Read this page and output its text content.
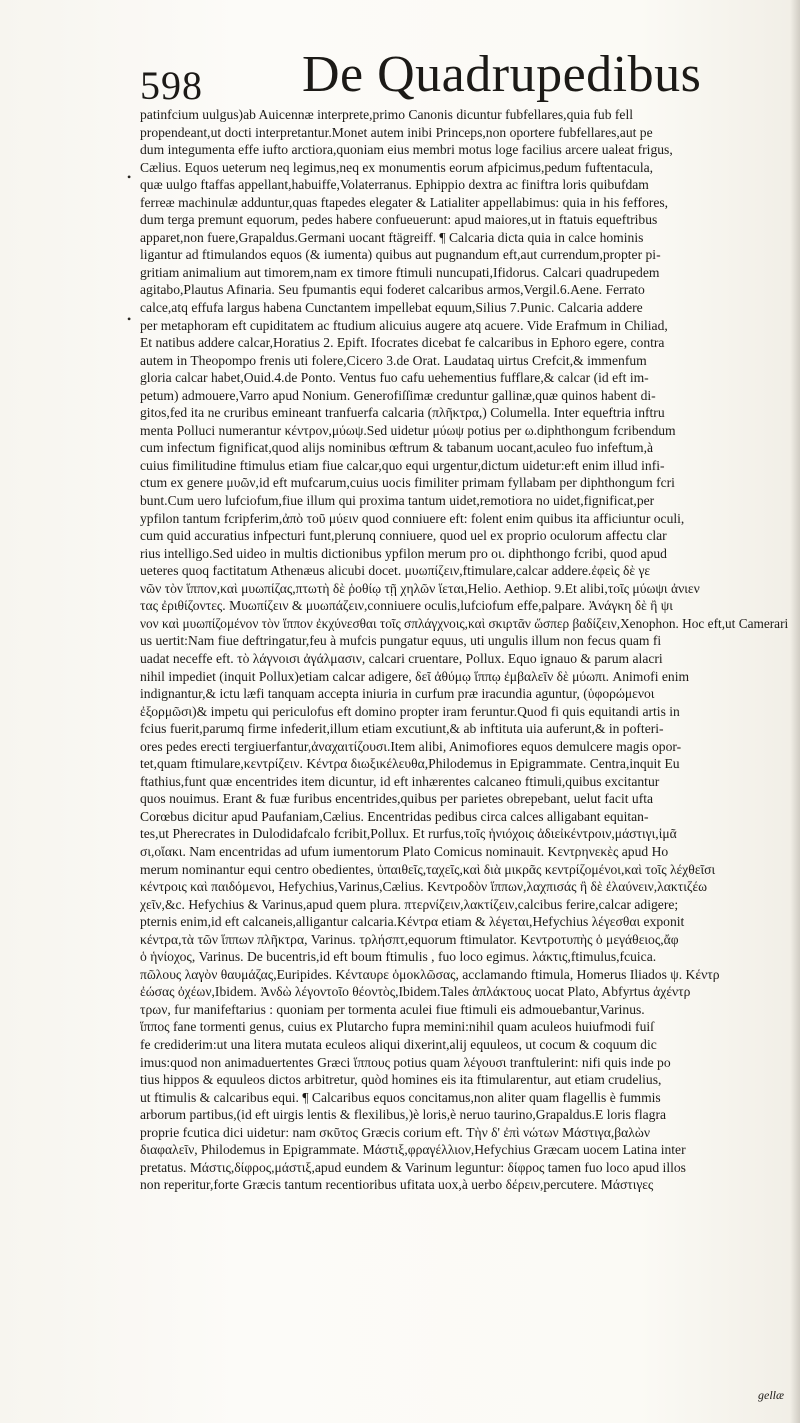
598 De Quadrupedibus
•
•
patinfcium uulgus)ab Auicennæ interprete,primo Canonis dicuntur fubfellares,quia fub fell
propendeant,ut docti interpretantur.Monet autem inibi Princeps,non oportere fubfellares,aut pe
dum integumenta effe iufto arctiora,quoniam eius membri motus loge facilius arcere ualeat frigus,
Cælius. Equos ueterum neq legimus,neq ex monumentis eorum afpicimus,pedum fuftentacula,
quæ uulgo ftaffas appellant,habuiffe,Volaterranus. Ephippio dextra ac finiftra loris quibufdam
ferreæ machinulæ adduntur,quas ftapedes elegater & Latialiter appellabimus: quia in his feffores,
dum terga premunt equorum, pedes habere confueuerunt: apud maiores,ut in ftatuis equeftribus
apparet,non fuere,Grapaldus.Germani uocant ftägreiff. ¶ Calcaria dicta quia in calce hominis
ligantur ad ftimulandos equos (& iumenta) quibus aut pugnandum eft,aut currendum,propter pi-
gritiam animalium aut timorem,nam ex timore ftimuli nuncupati,Ifidorus. Calcari quadrupedem
agitabo,Plautus Afinaria. Seu fpumantis equi foderet calcaribus armos,Vergil.6.Aene. Ferrato
calce,atq effufa largus habena Cunctantem impellebat equum,Silius 7.Punic. Calcaria addere
per metaphoram eft cupiditatem ac ftudium alicuius augere atq acuere. Vide Erafmum in Chiliad,
Et natibus addere calcar,Horatius 2. Epift. Ifocrates dicebat fe calcaribus in Ephoro egere, contra
autem in Theopompo frenis uti folere,Cicero 3.de Orat. Laudataq uirtus Crefcit,& immenfum
gloria calcar habet,Ouid.4.de Ponto. Ventus fuo cafu uehementius fufflare,& calcar (id eft im-
petum) admouere,Varro apud Nonium. Generofiſſimæ creduntur gallinæ,quæ quinos habent di-
gitos,fed ita ne cruribus emineant tranfuerfa calcaria (πλῆκτρα,) Columella. Inter equeftria inftru
menta Polluci numerantur κέντρον,μύωψ.Sed uidetur μύωψ potius per ω.diphthongum fcribendum
cum infectum fignificat,quod alijs nominibus œftrum & tabanum uocant,aculeo fuo infeftum,à
cuius fimilitudine ftimulus etiam fiue calcar,quo equi urgentur,dictum uidetur:eft enim illud infi-
ctum ex genere μυῶν,id eft mufcarum,cuius uocis fimiliter primam fyllabam per diphthongum fcri
bunt.Cum uero lufciofum,fiue illum qui proxima tantum uidet,remotiora no uidet,fignificat,per
ypfilon tantum fcripferim,ἀπὸ τοῦ μύειν quod conniuere eft: folent enim quibus ita afficiuntur oculi,
cum quid accuratius infpecturi funt,plerunq conniuere, quod uel ex proprio oculorum affectu clar
rius intelligo.Sed uideo in multis dictionibus ypfilon merum pro οι. diphthongo fcribi, quod apud
ueteres quoq factitatum Athenæus alicubi docet. μυωπίζειν,ftimulare,calcar addere.ἐφεὶς δὲ γε
νῶν τὸν ἵππον,καὶ μυωπίζας,πτωτὴ δὲ ῥοθίῳ τῇ χηλῶν ἵεται,Helio. Aethiop. 9.Et alibi,τοῖς μύωψι ἀνιεν
τας ἐριθίζοντες. Μυωπίζειν & μυωπάζειν,conniuere oculis,lufciofum effe,palpare. Ἀνάγκη δὲ ἢ ψι
νον καὶ μυωπίζομένον τὸν ἵππον ἐκχύνεσθαι τοῖς σπλάγχνοις,καὶ σκιρτᾶν ὥσπερ βαδίζειν,Xenophon. Hoc eft,ut Camerari
us uertit:Nam fiue deftringatur,feu à mufcis pungatur equus, uti ungulis illum non fecus quam fi
uadat neceffe eft. τὸ λάγνοισι ἀγάλμασιν, calcari cruentare, Pollux. Equo ignauo & parum alacri
nihil impediet (inquit Pollux)etiam calcar adigere, δεῖ ἀθύμῳ ἵππῳ ἐμβαλεῖν δὲ μύωπι. Animofi enim
indignantur,& ictu læfi tanquam accepta iniuria in curfum præ iracundia aguntur, (ὑφορώμενοι
ἐξορμῶσι)& impetu qui periculofus eft domino propter iram feruntur.Quod fi quis equitandi artis in
fcius fuerit,parumq firme infederit,illum etiam excutiunt,& ab inftituta uia auferunt,& in pofteri-
ores pedes erecti tergiuerfantur,ἀναχαιτίζουσι.Item alibi, Animofiores equos demulcere magis opor-
tet,quam ftimulare,κεντρίζειν. Κέντρα διωξικέλευθα,Philodemus in Epigrammate. Centra,inquit Eu
ftathius,funt quæ encentrides item dicuntur, id eft inhærentes calcaneo ftimuli,quibus excitantur
quos nouimus. Erant & fuæ furibus encentrides,quibus per parietes obrepebant, uelut facit ufta
Corœbus dicitur apud Paufaniam,Cælius. Encentridas pedibus circa calces alligabant equitan-
tes,ut Pherecrates in Dulodidafcalo fcribit,Pollux. Et rurfus,τοῖς ἡνιόχοις ἀδιεἰκέντροιν,μάστιγι,ἱμᾶ
σι,οἴακι. Nam encentridas ad ufum iumentorum Plato Comicus nominauit. Κεντρηνεκὲς apud Ho
merum nominantur equi centro obedientes, ὑπαιθεῖς,ταχεῖς,καὶ διὰ μικρᾶς κεντρίζομένοι,καὶ τοῖς λέχθεῖσι
κέντροις καὶ παιδόμενοι, Hefychius,Varinus,Cælius. Κεντροδὸν ἵππων,λαχπισάς ἢ δὲ ἐλαύνειν,λακτιζέω
χεῖν,&c. Hefychius & Varinus,apud quem plura. πτερνίζειν,λακτίζειν,calcibus ferire,calcar adigere;
pternis enim,id eft calcaneis,alligantur calcaria.Κέντρα etiam & λέγεται,Hefychius λέγεσθαι exponit
κέντρα,τὰ τῶν ἵππων πλῆκτρα, Varinus. τρλήσπτ,equorum ftimulator. Κεντροτυπὴς ὁ μεγάθειος,ἄφ
ὁ ἡνίοχος, Varinus. De bucentris,id eft boum ftimulis , fuo loco egimus. λάκτις,ftimulus,fcuica.
πῶλους λαγὸν θαυμάζας,Euripides. Κένταυρε ὁμοκλῶσας, acclamando ftimula, Homerus Iliados ψ. Κέντρ
ἐώσας ὀχέων,Ibidem. Ἀνδὼ λέγοντοῖο θέοντὸς,Ibidem.Tales ἀπλάκτους uocat Plato, Abfyrtus ἀχέντρ
τρων, fur manifeftarius : quoniam per tormenta aculei fiue ftimuli eis admouebantur,Varinus.
ἵππος fane tormenti genus, cuius ex Plutarcho fupra memini:nihil quam aculeos huiufmodi fuiſ
fe crediderim:ut una litera mutata eculeos aliqui dixerint,alij equuleos, ut cocum & coquum dic
imus:quod non animaduertentes Græci ἵππους potius quam λέγουσι tranftulerint: nifi quis inde po
tius hippos & equuleos dictos arbitretur, quòd homines eis ita ftimularentur, aut etiam crudelius,
ut ftimulis & calcaribus equi. ¶ Calcaribus equos concitamus,non aliter quam flagellis è fummis
arborum partibus,(id eft uirgis lentis & flexilibus,)è loris,è neruo taurino,Grapaldus.E loris flagra
proprie fcutica dici uidetur: nam σκῦτος Græcis corium eft. Τὴν δ' ἐπὶ νώτων Μάστιγα,βαλὼν
διαφαλεῖν, Philodemus in Epigrammate. Μάστιξ,φραγέλλιον,Hefychius Græcam uocem Latina inter
pretatus. Μάστις,δίφρος,μάστιξ,apud eundem & Varinum leguntur: δίφρος tamen fuo loco apud illos
non reperitur,forte Græcis tantum recentioribus ufitata uox,à uerbo δέρειν,percutere. Μάστιγες
gellæ
